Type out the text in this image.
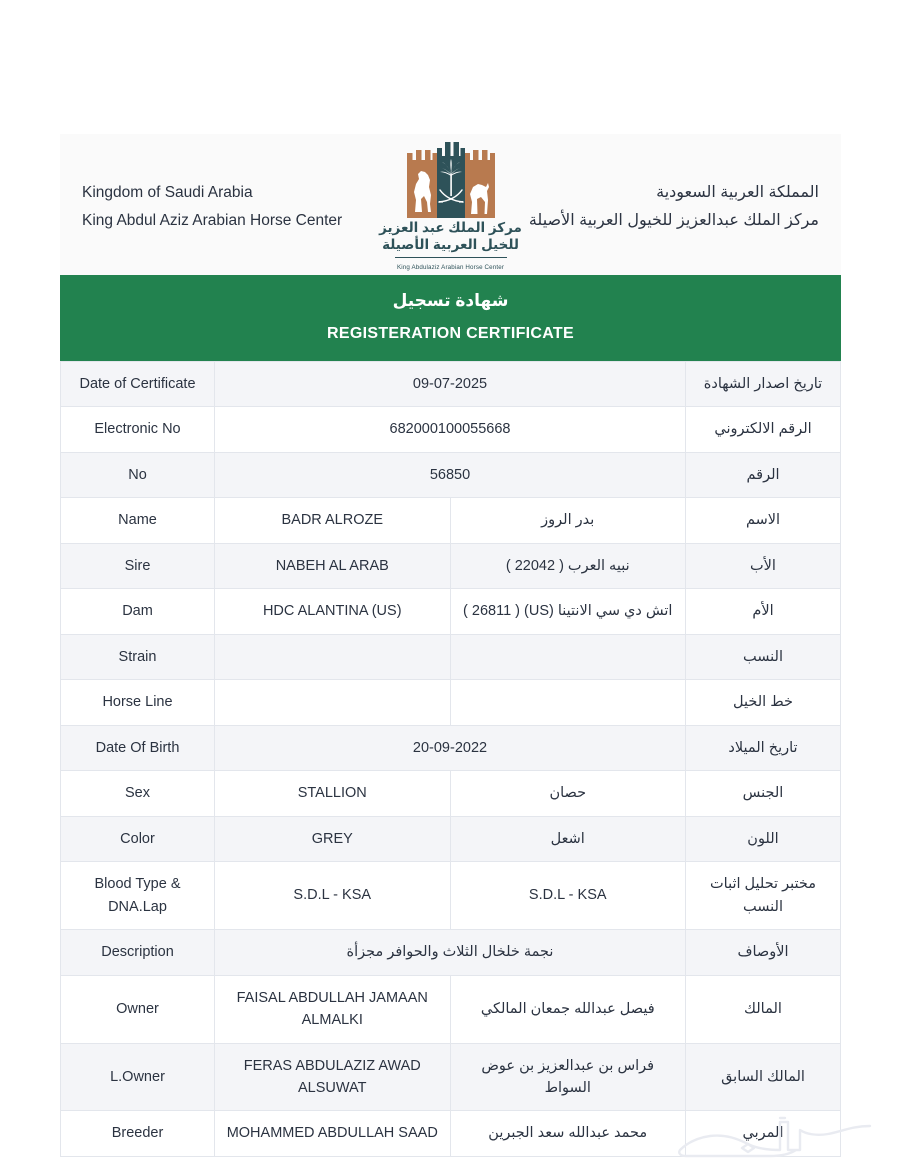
Kingdom of Saudi Arabia
King Abdul Aziz Arabian Horse Center	مركز الملك عبد العزيز
للخيل العربية الأصيلة
King Abdulaziz Arabian Horse Center
المملكة العربية السعودية
مركز الملك عبدالعزيز للخيول العربية الأصيلة
شهادة تسجيل
REGISTERATION CERTIFICATE
Date of Certificate	09-07-2025		تاريخ اصدار الشهادة
Electronic No	682000100055668		الرقم الالكتروني
No	56850		الرقم
Name	BADR ALROZE	بدر الروز	الاسم
Sire	NABEH AL ARAB	نبيه العرب ( 22042 )	الأب
Dam	HDC ALANTINA (US)	اتش دي سي الانتينا (US) ( 26811 )	الأم
Strain			النسب
Horse Line			خط الخيل
Date Of Birth	20-09-2022		تاريخ الميلاد
Sex	STALLION	حصان	الجنس
Color	GREY	اشعل	اللون
Blood Type & DNA.Lap	S.D.L - KSA	S.D.L - KSA	مختبر تحليل اثبات النسب
Description	نجمة خلخال الثلاث والحوافر مجزأة		الأوصاف
Owner	FAISAL ABDULLAH JAMAAN ALMALKI	فيصل عبدالله جمعان المالكي	المالك
L.Owner	FERAS ABDULAZIZ AWAD ALSUWAT	فراس بن عبدالعزيز بن عوض السواط	المالك السابق
Breeder	MOHAMMED ABDULLAH SAAD	محمد عبدالله سعد الجبرين	المربي
